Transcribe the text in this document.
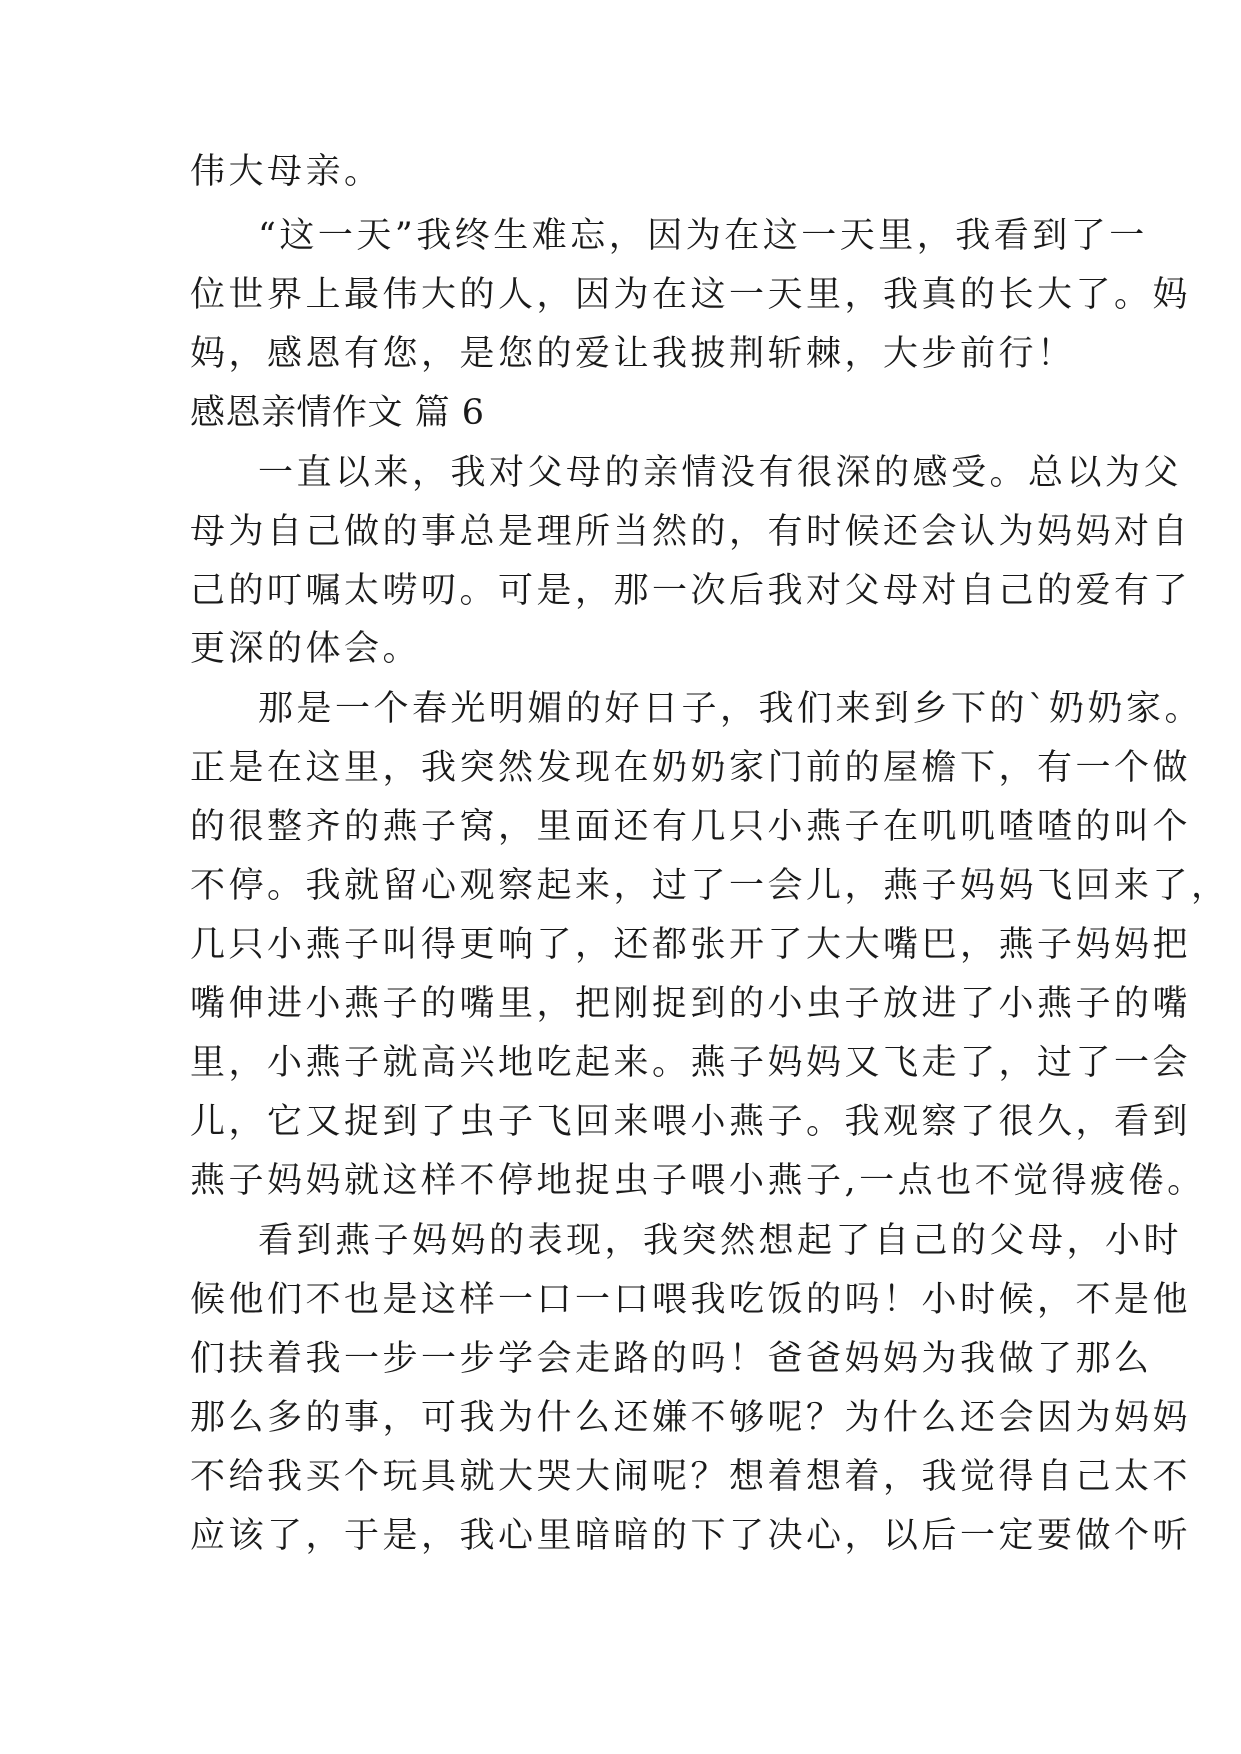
伟大母亲。
“这一天”我终生难忘，因为在这一天里，我看到了一
位世界上最伟大的人，因为在这一天里，我真的长大了。妈
妈，感恩有您，是您的爱让我披荆斩棘，大步前行！
感恩亲情作文 篇 6
一直以来，我对父母的亲情没有很深的感受。总以为父
母为自己做的事总是理所当然的，有时候还会认为妈妈对自
己的叮嘱太唠叨。可是，那一次后我对父母对自己的爱有了
更深的体会。
那是一个春光明媚的好日子，我们来到乡下的`奶奶家。
正是在这里，我突然发现在奶奶家门前的屋檐下，有一个做
的很整齐的燕子窝，里面还有几只小燕子在叽叽喳喳的叫个
不停。我就留心观察起来，过了一会儿，燕子妈妈飞回来了，
几只小燕子叫得更响了，还都张开了大大嘴巴，燕子妈妈把
嘴伸进小燕子的嘴里，把刚捉到的小虫子放进了小燕子的嘴
里，小燕子就高兴地吃起来。燕子妈妈又飞走了，过了一会
儿，它又捉到了虫子飞回来喂小燕子。我观察了很久，看到
燕子妈妈就这样不停地捉虫子喂小燕子,一点也不觉得疲倦。
看到燕子妈妈的表现，我突然想起了自己的父母，小时
候他们不也是这样一口一口喂我吃饭的吗！小时候，不是他
们扶着我一步一步学会走路的吗！爸爸妈妈为我做了那么
那么多的事，可我为什么还嫌不够呢？为什么还会因为妈妈
不给我买个玩具就大哭大闹呢？想着想着，我觉得自己太不
应该了，于是，我心里暗暗的下了决心，以后一定要做个听
